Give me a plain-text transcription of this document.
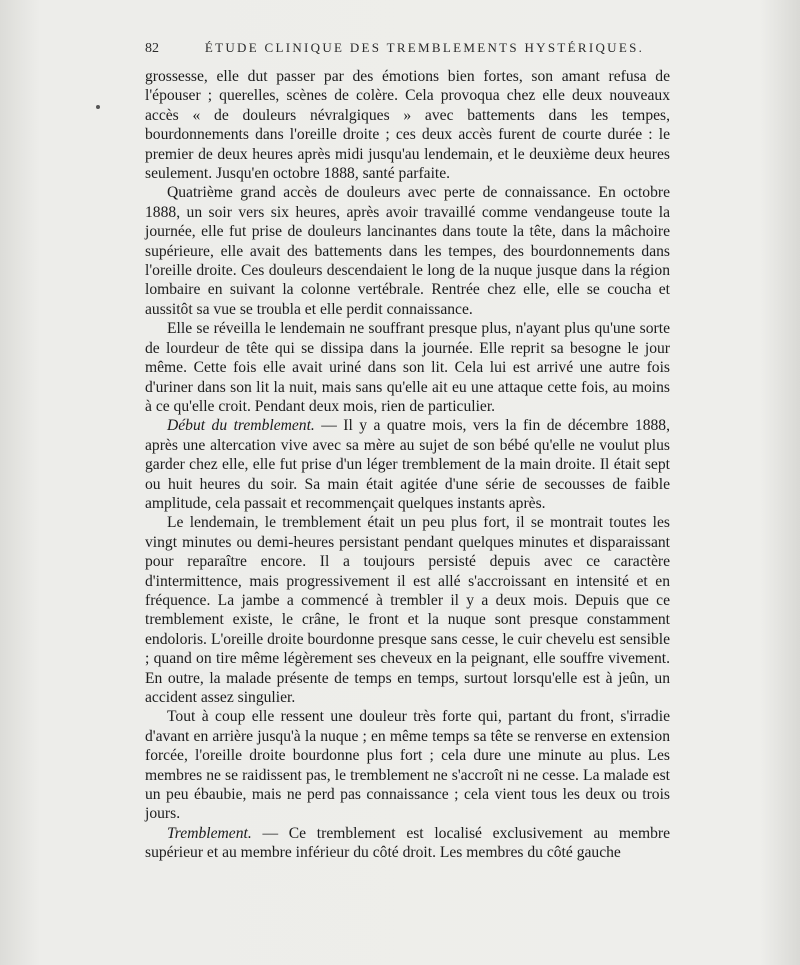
82	ÉTUDE CLINIQUE DES TREMBLEMENTS HYSTÉRIQUES.

grossesse, elle dut passer par des émotions bien fortes, son amant refusa de l'épouser ; querelles, scènes de colère. Cela provoqua chez elle deux nouveaux accès « de douleurs névralgiques » avec battements dans les tempes, bourdonnements dans l'oreille droite ; ces deux accès furent de courte durée : le premier de deux heures après midi jusqu'au lendemain, et le deuxième deux heures seulement. Jusqu'en octobre 1888, santé parfaite.

Quatrième grand accès de douleurs avec perte de connaissance. En octobre 1888, un soir vers six heures, après avoir travaillé comme vendangeuse toute la journée, elle fut prise de douleurs lancinantes dans toute la tête, dans la mâchoire supérieure, elle avait des battements dans les tempes, des bourdonnements dans l'oreille droite. Ces douleurs descendaient le long de la nuque jusque dans la région lombaire en suivant la colonne vertébrale. Rentrée chez elle, elle se coucha et aussitôt sa vue se troubla et elle perdit connaissance.

Elle se réveilla le lendemain ne souffrant presque plus, n'ayant plus qu'une sorte de lourdeur de tête qui se dissipa dans la journée. Elle reprit sa besogne le jour même. Cette fois elle avait uriné dans son lit. Cela lui est arrivé une autre fois d'uriner dans son lit la nuit, mais sans qu'elle ait eu une attaque cette fois, au moins à ce qu'elle croit. Pendant deux mois, rien de particulier.

Début du tremblement. — Il y a quatre mois, vers la fin de décembre 1888, après une altercation vive avec sa mère au sujet de son bébé qu'elle ne voulut plus garder chez elle, elle fut prise d'un léger tremblement de la main droite. Il était sept ou huit heures du soir. Sa main était agitée d'une série de secousses de faible amplitude, cela passait et recommençait quelques instants après.

Le lendemain, le tremblement était un peu plus fort, il se montrait toutes les vingt minutes ou demi-heures persistant pendant quelques minutes et disparaissant pour reparaître encore. Il a toujours persisté depuis avec ce caractère d'intermittence, mais progressivement il est allé s'accroissant en intensité et en fréquence. La jambe a commencé à trembler il y a deux mois. Depuis que ce tremblement existe, le crâne, le front et la nuque sont presque constamment endoloris. L'oreille droite bourdonne presque sans cesse, le cuir chevelu est sensible ; quand on tire même légèrement ses cheveux en la peignant, elle souffre vivement. En outre, la malade présente de temps en temps, surtout lorsqu'elle est à jeûn, un accident assez singulier.

Tout à coup elle ressent une douleur très forte qui, partant du front, s'irradie d'avant en arrière jusqu'à la nuque ; en même temps sa tête se renverse en extension forcée, l'oreille droite bourdonne plus fort ; cela dure une minute au plus. Les membres ne se raidissent pas, le tremblement ne s'accroît ni ne cesse. La malade est un peu ébaubie, mais ne perd pas connaissance ; cela vient tous les deux ou trois jours.

Tremblement. — Ce tremblement est localisé exclusivement au membre supérieur et au membre inférieur du côté droit. Les membres du côté gauche
